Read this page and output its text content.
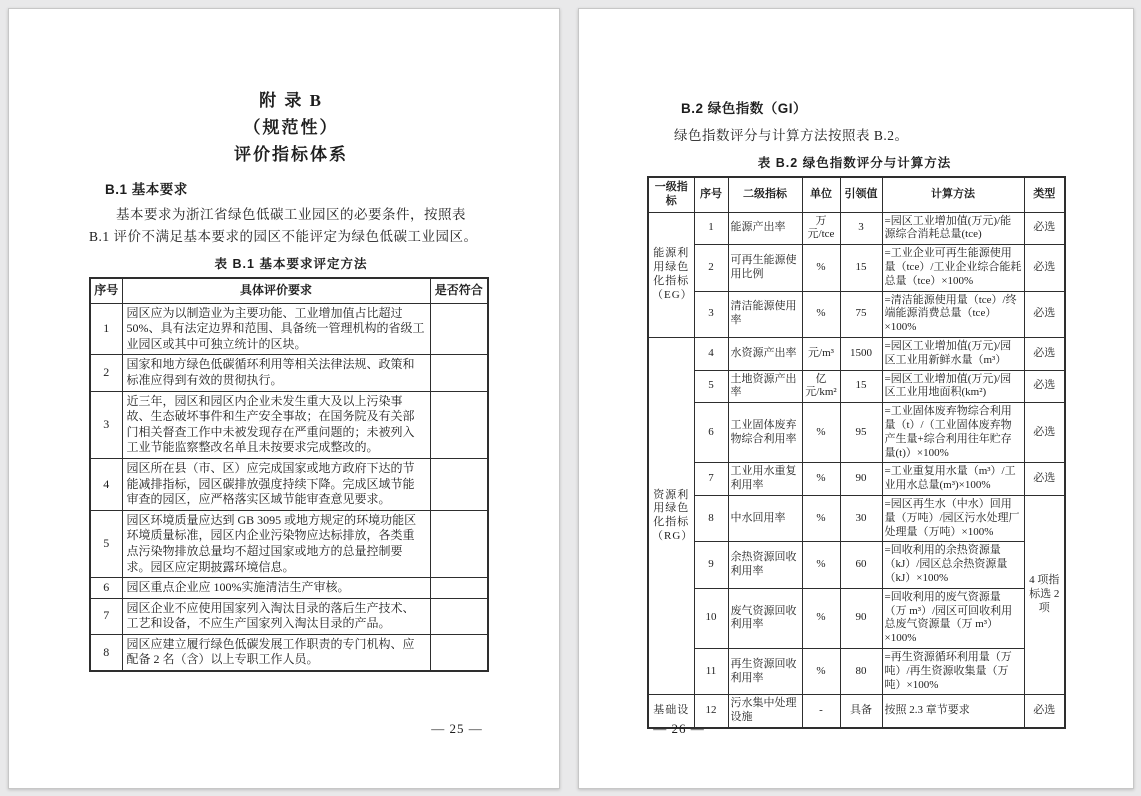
附 录 B
（规范性）
评价指标体系
B.1 基本要求

基本要求为浙江省绿色低碳工业园区的必要条件，按照表

B.1 评价不满足基本要求的园区不能评定为绿色低碳工业园区。

表 B.1 基本要求评定方法
序号	具体评价要求	是否符合
1	园区应为以制造业为主要功能、工业增加值占比超过 50%、具有法定边界和范围、具备统一管理机构的省级工业园区或其中可独立统计的区块。	
2	国家和地方绿色低碳循环利用等相关法律法规、政策和标准应得到有效的贯彻执行。	
3	近三年，园区和园区内企业未发生重大及以上污染事故、生态破坏事件和生产安全事故；在国务院及有关部门相关督查工作中未被发现存在严重问题的；未被列入工业节能监察整改名单且未按要求完成整改的。	
4	园区所在县（市、区）应完成国家或地方政府下达的节能减排指标，园区碳排放强度持续下降。完成区域节能审查的园区，应严格落实区域节能审查意见要求。	
5	园区环境质量应达到 GB 3095 或地方规定的环境功能区环境质量标准，园区内企业污染物应达标排放，各类重点污染物排放总量均不超过国家或地方的总量控制要求。园区应定期披露环境信息。	
6	园区重点企业应 100%实施清洁生产审核。	
7	园区企业不应使用国家列入淘汰目录的落后生产技术、工艺和设备，不应生产国家列入淘汰目录的产品。	
8	园区应建立履行绿色低碳发展工作职责的专门机构、应配备 2 名（含）以上专职工作人员。	
— 25 —
B.2 绿色指数（GI）

绿色指数评分与计算方法按照表 B.2。

表 B.2 绿色指数评分与计算方法
一级指标	序号	二级指标	单位	引领值	计算方法	类型
能源利用绿色化指标（EG）	1	能源产出率	万元/tce	3	=园区工业增加值(万元)/能源综合消耗总量(tce)	必选
	2	可再生能源使用比例	%	15	=工业企业可再生能源使用量（tce）/工业企业综合能耗总量（tce）×100%	必选
	3	清洁能源使用率	%	75	=清洁能源使用量（tce）/终端能源消费总量（tce）×100%	必选
资源利用绿色化指标（RG）	4	水资源产出率	元/m³	1500	=园区工业增加值(万元)/园区工业用新鲜水量（m³）	必选
	5	土地资源产出率	亿元/km²	15	=园区工业增加值(万元)/园区工业用地面积(km²)	必选
	6	工业固体废弃物综合利用率	%	95	=工业固体废弃物综合利用量（t）/（工业固体废弃物产生量+综合利用往年贮存量(t)）×100%	必选
	7	工业用水重复利用率	%	90	=工业重复用水量（m³）/工业用水总量(m³)×100%	必选
	8	中水回用率	%	30	=园区再生水（中水）回用量（万吨）/园区污水处理厂处理量（万吨）×100%	4 项指标选 2 项
	9	余热资源回收利用率	%	60	=回收利用的余热资源量（kJ）/园区总余热资源量（kJ）×100%	
	10	废气资源回收利用率	%	90	=回收利用的废气资源量（万 m³）/园区可回收利用总废气资源量（万 m³）×100%	
	11	再生资源回收利用率	%	80	=再生资源循环利用量（万吨）/再生资源收集量（万吨）×100%	
基础设	12	污水集中处理设施	-	具备	按照 2.3 章节要求	必选
— 26 —
